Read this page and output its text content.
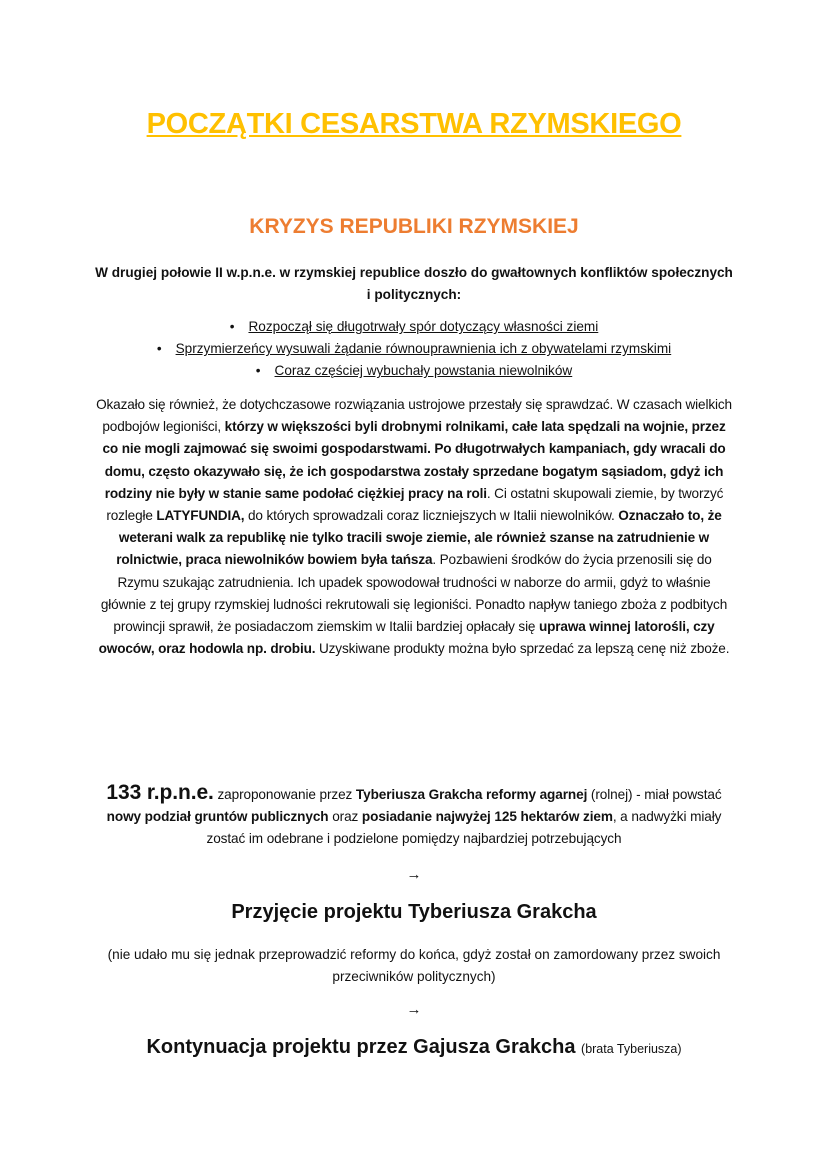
POCZĄTKI CESARSTWA RZYMSKIEGO
KRYZYS REPUBLIKI RZYMSKIEJ
W drugiej połowie II w.p.n.e. w rzymskiej republice doszło do gwałtownych konfliktów społecznych i politycznych:
• Rozpoczął się długotrwały spór dotyczący własności ziemi
• Sprzymierzeńcy wysuwali żądanie równouprawnienia ich z obywatelami rzymskimi
• Coraz częściej wybuchały powstania niewolników
Okazało się również, że dotychczasowe rozwiązania ustrojowe przestały się sprawdzać. W czasach wielkich podbojów legioniści, którzy w większości byli drobnymi rolnikami, całe lata spędzali na wojnie, przez co nie mogli zajmować się swoimi gospodarstwami. Po długotrwałych kampaniach, gdy wracali do domu, często okazywało się, że ich gospodarstwa zostały sprzedane bogatym sąsiadom, gdyż ich rodziny nie były w stanie same podołać ciężkiej pracy na roli. Ci ostatni skupowali ziemie, by tworzyć rozległe LATYFUNDIA, do których sprowadzali coraz liczniejszych w Italii niewolników. Oznaczało to, że weterani walk za republikę nie tylko tracili swoje ziemie, ale również szanse na zatrudnienie w rolnictwie, praca niewolników bowiem była tańsza. Pozbawieni środków do życia przenosili się do Rzymu szukając zatrudnienia. Ich upadek spowodował trudności w naborze do armii, gdyż to właśnie głównie z tej grupy rzymskiej ludności rekrutowali się legioniści. Ponadto napływ taniego zboża z podbitych prowincji sprawił, że posiadaczom ziemskim w Italii bardziej opłacały się uprawa winnej latorośli, czy owoców, oraz hodowla np. drobiu. Uzyskiwane produkty można było sprzedać za lepszą cenę niż zboże.
133 r.p.n.e. zaproponowanie przez Tyberiusza Grakcha reformy agarnej (rolnej) - miał powstać nowy podział gruntów publicznych oraz posiadanie najwyżej 125 hektarów ziem, a nadwyżki miały zostać im odebrane i podzielone pomiędzy najbardziej potrzebujących
→
Przyjęcie projektu Tyberiusza Grakcha
(nie udało mu się jednak przeprowadzić reformy do końca, gdyż został on zamordowany przez swoich przeciwników politycznych)
→
Kontynuacja projektu przez Gajusza Grakcha (brata Tyberiusza)
